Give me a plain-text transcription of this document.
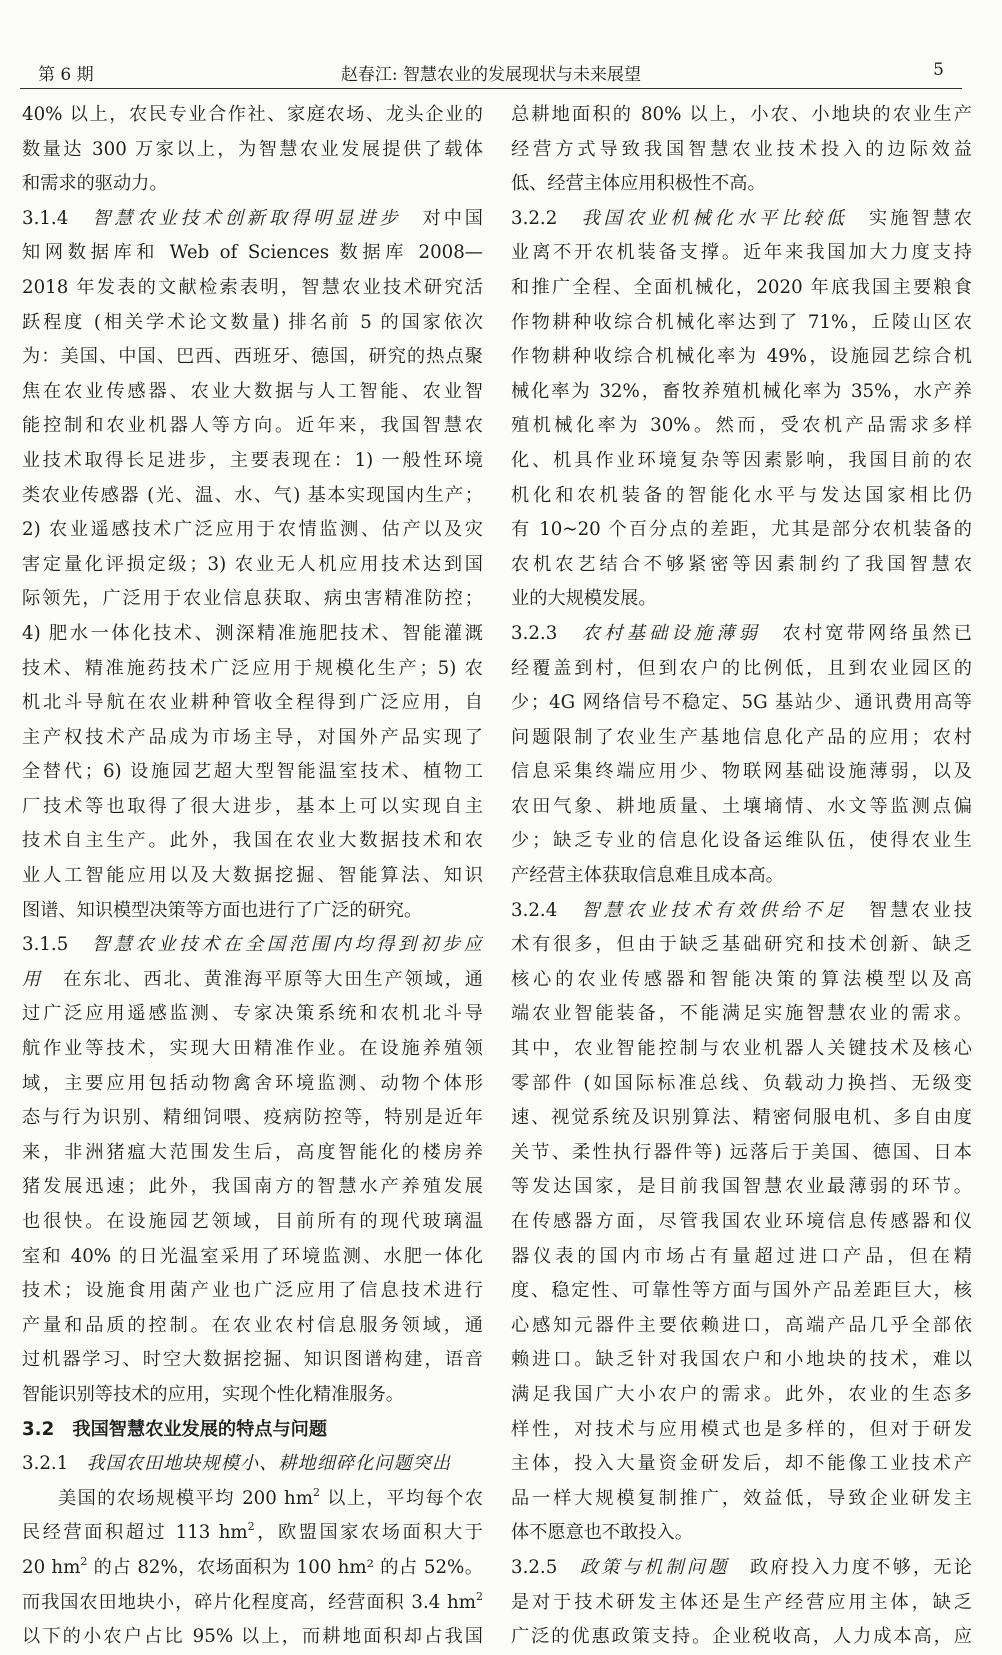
第 6 期	赵春江: 智慧农业的发展现状与未来展望	5
40% 以上，农民专业合作社、家庭农场、龙头企业的
数量达 300 万家以上，为智慧农业发展提供了载体
和需求的驱动力。
3.1.4　智慧农业技术创新取得明显进步　对中国
知网数据库和 Web of Sciences 数据库 2008—
2018 年发表的文献检索表明，智慧农业技术研究活
跃程度 (相关学术论文数量) 排名前 5 的国家依次
为：美国、中国、巴西、西班牙、德国，研究的热点聚
焦在农业传感器、农业大数据与人工智能、农业智
能控制和农业机器人等方向。近年来，我国智慧农
业技术取得长足进步，主要表现在：1) 一般性环境
类农业传感器 (光、温、水、气) 基本实现国内生产；
2) 农业遥感技术广泛应用于农情监测、估产以及灾
害定量化评损定级；3) 农业无人机应用技术达到国
际领先，广泛用于农业信息获取、病虫害精准防控；
4) 肥水一体化技术、测深精准施肥技术、智能灌溉
技术、精准施药技术广泛应用于规模化生产；5) 农
机北斗导航在农业耕种管收全程得到广泛应用，自
主产权技术产品成为市场主导，对国外产品实现了
全替代；6) 设施园艺超大型智能温室技术、植物工
厂技术等也取得了很大进步，基本上可以实现自主
技术自主生产。此外，我国在农业大数据技术和农
业人工智能应用以及大数据挖掘、智能算法、知识
图谱、知识模型决策等方面也进行了广泛的研究。
3.1.5　智慧农业技术在全国范围内均得到初步应
用　在东北、西北、黄淮海平原等大田生产领域，通
过广泛应用遥感监测、专家决策系统和农机北斗导
航作业等技术，实现大田精准作业。在设施养殖领
域，主要应用包括动物禽舍环境监测、动物个体形
态与行为识别、精细饲喂、疫病防控等，特别是近年
来，非洲猪瘟大范围发生后，高度智能化的楼房养
猪发展迅速；此外，我国南方的智慧水产养殖发展
也很快。在设施园艺领域，目前所有的现代玻璃温
室和 40% 的日光温室采用了环境监测、水肥一体化
技术；设施食用菌产业也广泛应用了信息技术进行
产量和品质的控制。在农业农村信息服务领域，通
过机器学习、时空大数据挖掘、知识图谱构建，语音
智能识别等技术的应用，实现个性化精准服务。
3.2　我国智慧农业发展的特点与问题
3.2.1　我国农田地块规模小、耕地细碎化问题突出
美国的农场规模平均 200 $hm^2$ 以上，平均每个农
民经营面积超过 113 $hm^2$，欧盟国家农场面积大于
20 $hm^2$ 的占 82%，农场面积为 100 hm² 的占 52%。
而我国农田地块小，碎片化程度高，经营面积 3.4 $hm^2$
以下的小农户占比 95% 以上，而耕地面积却占我国
总耕地面积的 80% 以上，小农、小地块的农业生产
经营方式导致我国智慧农业技术投入的边际效益
低、经营主体应用积极性不高。
3.2.2　我国农业机械化水平比较低　实施智慧农
业离不开农机装备支撑。近年来我国加大力度支持
和推广全程、全面机械化，2020 年底我国主要粮食
作物耕种收综合机械化率达到了 71%，丘陵山区农
作物耕种收综合机械化率为 49%，设施园艺综合机
械化率为 32%，畜牧养殖机械化率为 35%，水产养
殖机械化率为 30%。然而，受农机产品需求多样
化、机具作业环境复杂等因素影响，我国目前的农
机化和农机装备的智能化水平与发达国家相比仍
有 10~20 个百分点的差距，尤其是部分农机装备的
农机农艺结合不够紧密等因素制约了我国智慧农
业的大规模发展。
3.2.3　农村基础设施薄弱　农村宽带网络虽然已
经覆盖到村，但到农户的比例低，且到农业园区的
少；4G 网络信号不稳定、5G 基站少、通讯费用高等
问题限制了农业生产基地信息化产品的应用；农村
信息采集终端应用少、物联网基础设施薄弱，以及
农田气象、耕地质量、土壤墒情、水文等监测点偏
少；缺乏专业的信息化设备运维队伍，使得农业生
产经营主体获取信息难且成本高。
3.2.4　智慧农业技术有效供给不足　智慧农业技
术有很多，但由于缺乏基础研究和技术创新、缺乏
核心的农业传感器和智能决策的算法模型以及高
端农业智能装备，不能满足实施智慧农业的需求。
其中，农业智能控制与农业机器人关键技术及核心
零部件 (如国际标准总线、负载动力换挡、无级变
速、视觉系统及识别算法、精密伺服电机、多自由度
关节、柔性执行器件等) 远落后于美国、德国、日本
等发达国家，是目前我国智慧农业最薄弱的环节。
在传感器方面，尽管我国农业环境信息传感器和仪
器仪表的国内市场占有量超过进口产品，但在精
度、稳定性、可靠性等方面与国外产品差距巨大，核
心感知元器件主要依赖进口，高端产品几乎全部依
赖进口。缺乏针对我国农户和小地块的技术，难以
满足我国广大小农户的需求。此外，农业的生态多
样性，对技术与应用模式也是多样的，但对于研发
主体，投入大量资金研发后，却不能像工业技术产
品一样大规模复制推广，效益低，导致企业研发主
体不愿意也不敢投入。
3.2.5　政策与机制问题　政府投入力度不够，无论
是对于技术研发主体还是生产经营应用主体，缺乏
广泛的优惠政策支持。企业税收高，人力成本高，应
